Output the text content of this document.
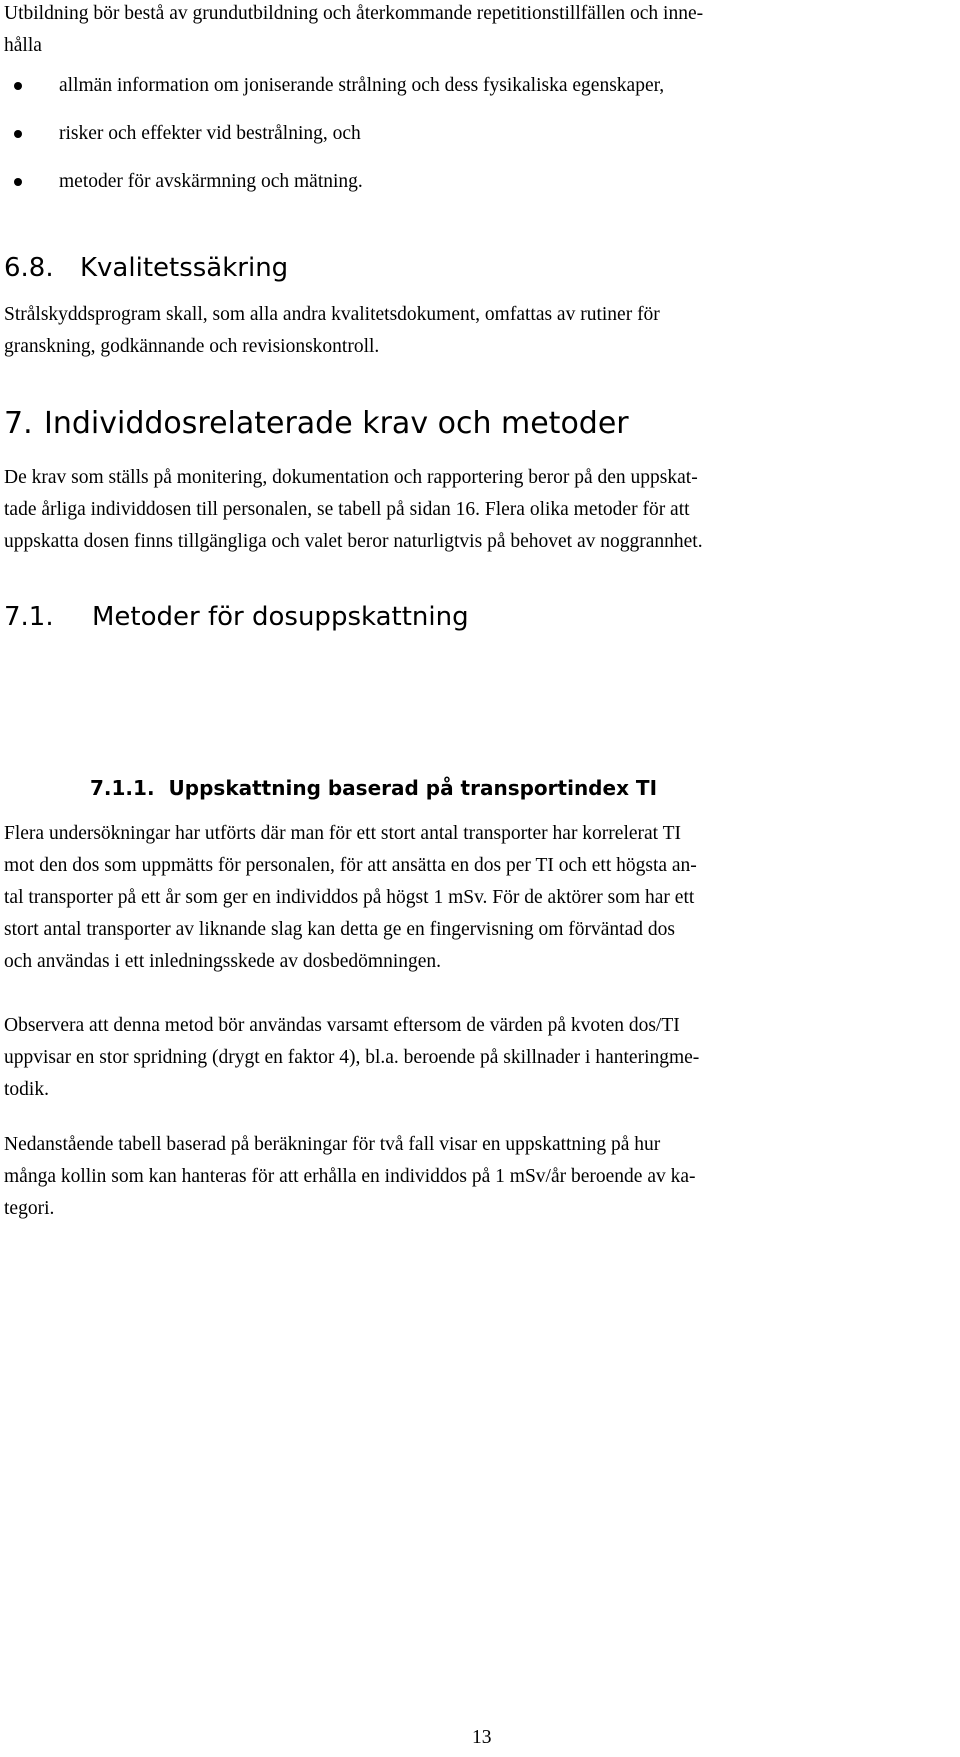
Utbildning bör bestå av grundutbildning och återkommande repetitionstillfällen och inne-
hålla

allmän information om joniserande strålning och dess fysikaliska egenskaper,
risker och effekter vid bestrålning, och
metoder för avskärmning och mätning.
6.8. Kvalitetssäkring

Strålskyddsprogram skall, som alla andra kvalitetsdokument, omfattas av rutiner för
granskning, godkännande och revisionskontroll.

7. Individdosrelaterade krav och metoder

De krav som ställs på monitering, dokumentation och rapportering beror på den uppskat-
tade årliga individdosen till personalen, se tabell på sidan 16. Flera olika metoder för att
uppskatta dosen finns tillgängliga och valet beror naturligtvis på behovet av noggrannhet.

7.1. Metoder för dosuppskattning
7.1.1. Uppskattning baserad på transportindex TI

Flera undersökningar har utförts där man för ett stort antal transporter har korrelerat TI
mot den dos som uppmätts för personalen, för att ansätta en dos per TI och ett högsta an-
tal transporter på ett år som ger en individdos på högst 1 mSv. För de aktörer som har ett
stort antal transporter av liknande slag kan detta ge en fingervisning om förväntad dos
och användas i ett inledningsskede av dosbedömningen.

Observera att denna metod bör användas varsamt eftersom de värden på kvoten dos/TI
uppvisar en stor spridning (drygt en faktor 4), bl.a. beroende på skillnader i hanteringme-
todik.

Nedanstående tabell baserad på beräkningar för två fall visar en uppskattning på hur
många kollin som kan hanteras för att erhålla en individdos på 1 mSv/år beroende av ka-
tegori.

13
